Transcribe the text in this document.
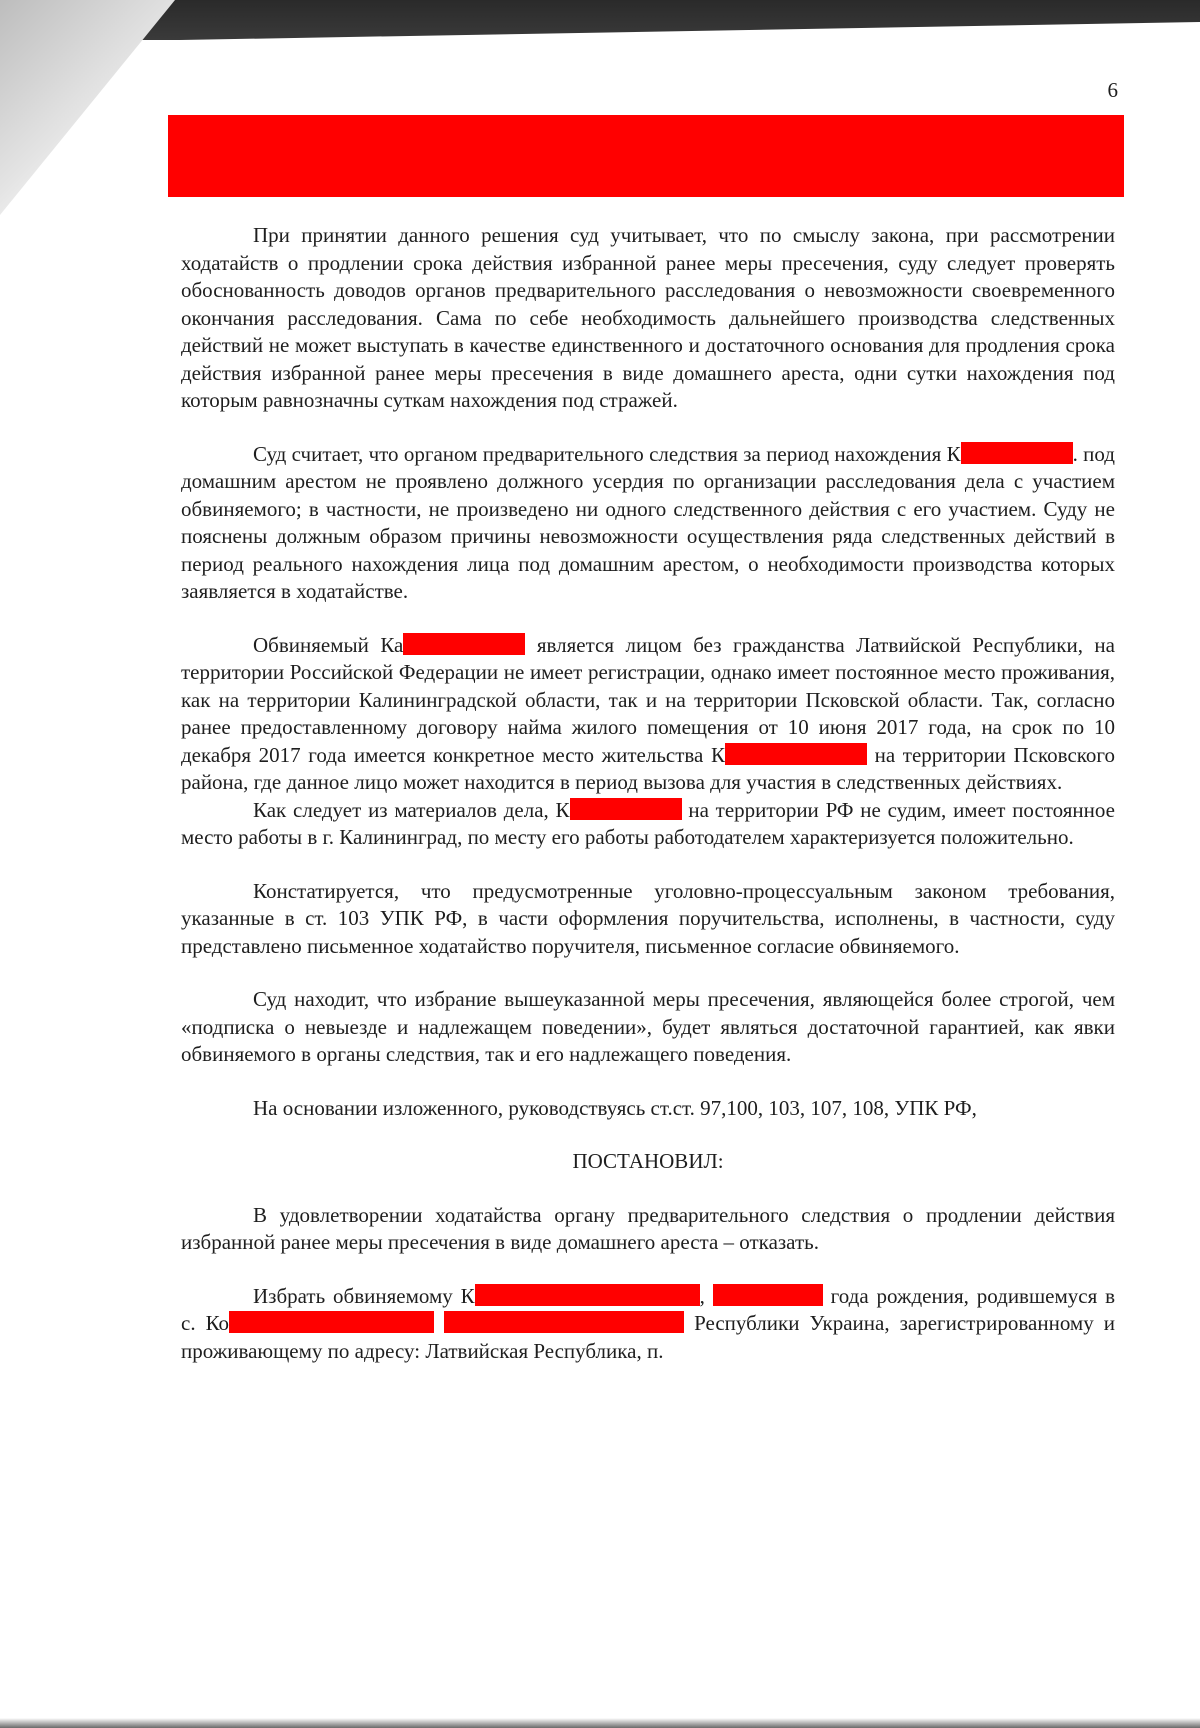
6

При принятии данного решения суд учитывает, что по смыслу закона, при рассмотрении ходатайств о продлении срока действия избранной ранее меры пресечения, суду следует проверять обоснованность доводов органов предварительного расследования о невозможности своевременного окончания расследования. Сама по себе необходимость дальнейшего производства следственных действий не может выступать в качестве единственного и достаточного основания для продления срока действия избранной ранее меры пресечения в виде домашнего ареста, одни сутки нахождения под которым равнозначны суткам нахождения под стражей.

Суд считает, что органом предварительного следствия за период нахождения К	. под домашним арестом не проявлено должного усердия по организации расследования дела с участием обвиняемого; в частности, не произведено ни одного следственного действия с его участием. Суду не пояснены должным образом причины невозможности осуществления ряда следственных действий в период реального нахождения лица под домашним арестом, о необходимости производства которых заявляется в ходатайстве.

Обвиняемый Ка	является лицом без гражданства Латвийской Республики, на территории Российской Федерации не имеет регистрации, однако имеет постоянное место проживания, как на территории Калининградской области, так и на территории Псковской области. Так, согласно ранее предоставленному договору найма жилого помещения от 10 июня 2017 года, на срок по 10 декабря 2017 года имеется конкретное место жительства К	на территории Псковского района, где данное лицо может находится в период вызова для участия в следственных действиях.

Как следует из материалов дела, К	на территории РФ не судим, имеет постоянное место работы в г. Калининград, по месту его работы работодателем характеризуется положительно.

Констатируется, что предусмотренные уголовно-процессуальным законом требования, указанные в ст. 103 УПК РФ, в части оформления поручительства, исполнены, в частности, суду представлено письменное ходатайство поручителя, письменное согласие обвиняемого.

Суд находит, что избрание вышеуказанной меры пресечения, являющейся более строгой, чем «подписка о невыезде и надлежащем поведении», будет являться достаточной гарантией, как явки обвиняемого в органы следствия, так и его надлежащего поведения.

На основании изложенного, руководствуясь ст.ст. 97,100, 103, 107, 108, УПК РФ,

ПОСТАНОВИЛ:

В удовлетворении ходатайства органу предварительного следствия о продлении действия избранной ранее меры пресечения в виде домашнего ареста – отказать.

Избрать обвиняемому К	,	года рождения, родившемуся в с. Ко	Республики Украина, зарегистрированному и проживающему по адресу: Латвийская Республика, п.
